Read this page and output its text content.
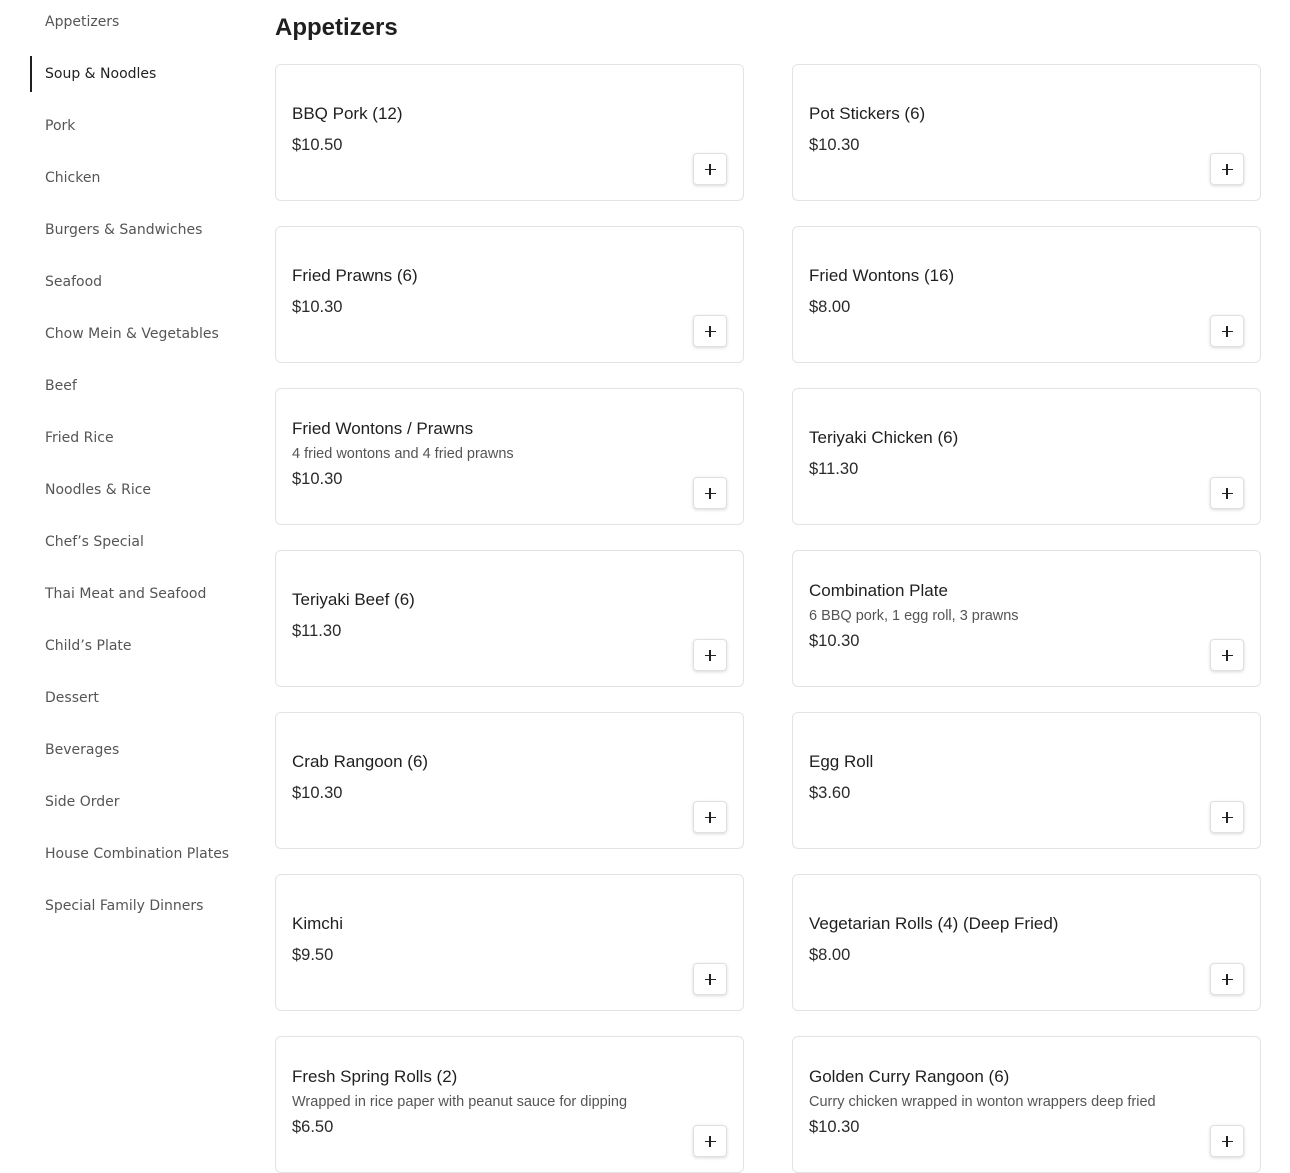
Appetizers
Soup & Noodles
Pork
Chicken
Burgers & Sandwiches
Seafood
Chow Mein & Vegetables
Beef
Fried Rice
Noodles & Rice
Chef’s Special
Thai Meat and Seafood
Child’s Plate
Dessert
Beverages
Side Order
House Combination Plates
Special Family Dinners
Appetizers
BBQ Pork (12)
$10.50
Pot Stickers (6)
$10.30
Fried Prawns (6)
$10.30
Fried Wontons (16)
$8.00
Fried Wontons / Prawns
4 fried wontons and 4 fried prawns
$10.30
Teriyaki Chicken (6)
$11.30
Teriyaki Beef (6)
$11.30
Combination Plate
6 BBQ pork, 1 egg roll, 3 prawns
$10.30
Crab Rangoon (6)
$10.30
Egg Roll
$3.60
Kimchi
$9.50
Vegetarian Rolls (4) (Deep Fried)
$8.00
Fresh Spring Rolls (2)
Wrapped in rice paper with peanut sauce for dipping
$6.50
Golden Curry Rangoon (6)
Curry chicken wrapped in wonton wrappers deep fried
$10.30
